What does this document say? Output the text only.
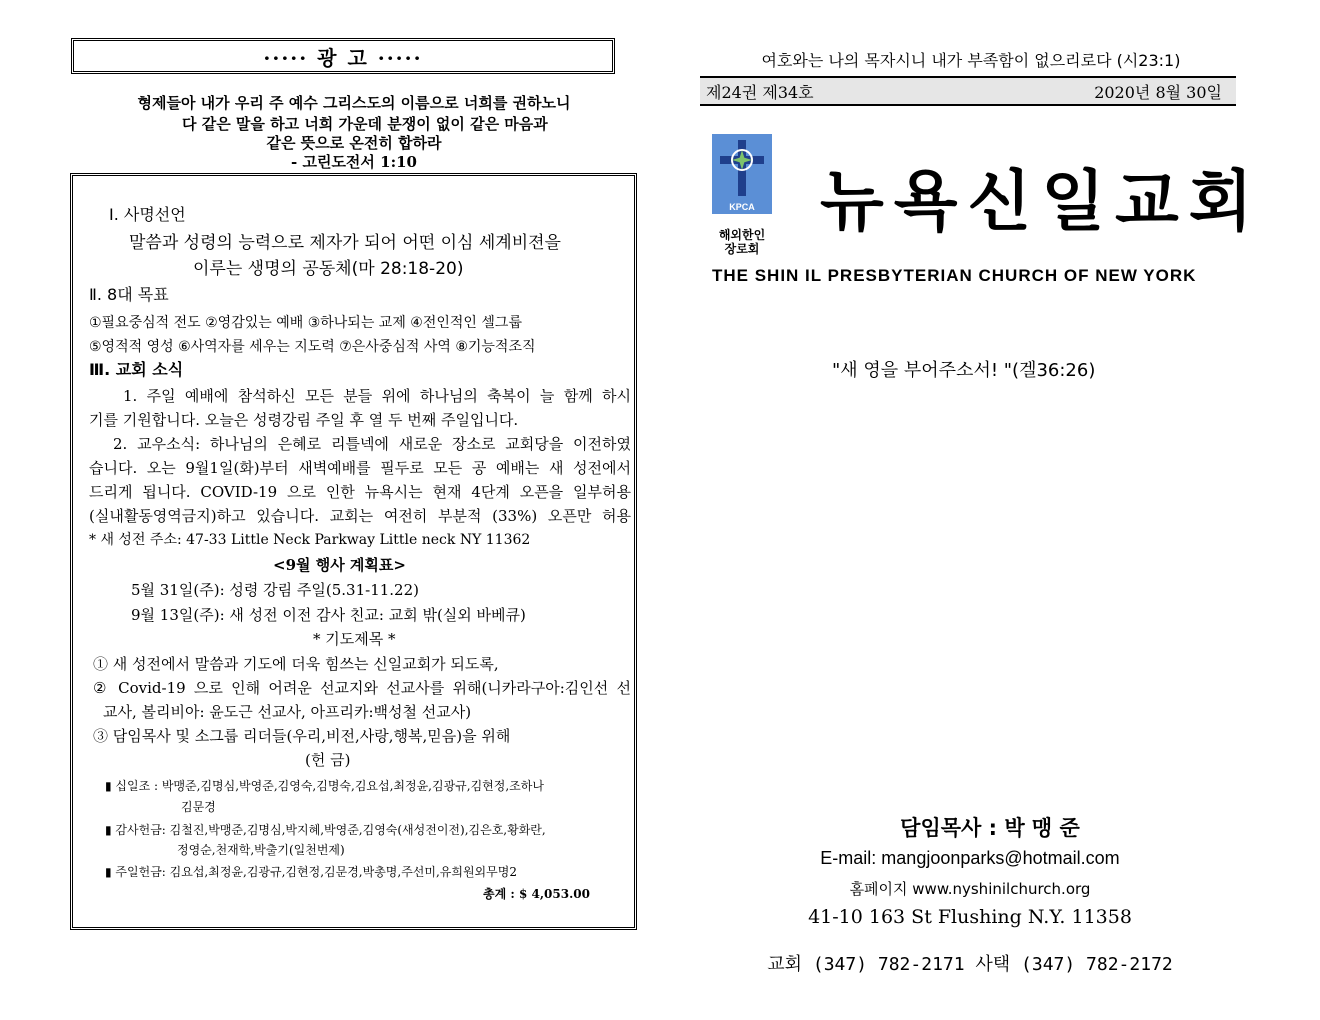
····· 광 고 ·····
형제들아 내가 우리 주 예수 그리스도의 이름으로 너희를 권하노니
다 같은 말을 하고 너희 가운데 분쟁이 없이 같은 마음과
같은 뜻으로 온전히 합하라
- 고린도전서 1:10
Ⅰ. 사명선언
말씀과 성령의 능력으로 제자가 되어 어떤 이심 세계비젼을
이루는 생명의 공동체(마 28:18-20)
Ⅱ. 8대 목표
①필요중심적 전도 ②영감있는 예배 ③하나되는 교제 ④전인적인 셀그룹
⑤영적적 영성 ⑥사역자를 세우는 지도력 ⑦은사중심적 사역 ⑧기능적조직
Ⅲ. 교회 소식
1. 주일 예배에 참석하신 모든 분들 위에 하나님의 축복이 늘 함께 하시
기를 기원합니다. 오늘은 성령강림 주일 후 열 두 번째 주일입니다.
2. 교우소식: 하나님의 은혜로 리틀넥에 새로운 장소로 교회당을 이전하였
습니다. 오는 9월1일(화)부터 새벽예배를 필두로 모든 공 예배는 새 성전에서
드리게 됩니다. COVID-19 으로 인한 뉴욕시는 현재 4단계 오픈을 일부허용
(실내활동영역금지)하고 있습니다. 교회는 여전히 부분적 (33%) 오픈만 허용
* 새 성전 주소: 47-33 Little Neck Parkway Little neck NY 11362
<9월 행사 계획표>
5월 31일(주): 성령 강림 주일(5.31-11.22)
9월 13일(주): 새 성전 이전 감사 친교: 교회 밖(실외 바베큐)
* 기도제목 *
① 새 성전에서 말씀과 기도에 더욱 힘쓰는 신일교회가 되도록,
② Covid-19 으로 인해 어려운 선교지와 선교사를 위해(니카라구아:김인선 선
교사, 볼리비아: 윤도근 선교사, 아프리카:백성철 선교사)
③ 담임목사 및 소그룹 리더들(우리,비전,사랑,행복,믿음)을 위해
(헌 금)
▮ 십일조 : 박맹준,김명심,박영준,김영숙,김명숙,김요섭,최정윤,김광규,김현정,조하나
김문경
▮ 감사헌금: 김철진,박맹준,김명심,박지혜,박영준,김영숙(새성전이전),김은호,황화란,
정영순,천재학,박출기(일천번제)
▮ 주일헌금: 김요섭,최정윤,김광규,김현정,김문경,박총명,주선미,유희원외무명2
총계 : $ 4,053.00
여호와는 나의 목자시니 내가 부족함이 없으리로다 (시23:1)
제24권 제34호	2020년 8월 30일
KPCA
해외한인
장로회
뉴욕신일교회
THE SHIN IL PRESBYTERIAN CHURCH OF NEW YORK
"새 영을 부어주소서! "(겔36:26)
담임목사 : 박 맹 준
E-mail: mangjoonparks@hotmail.com
홈페이지 www.nyshinilchurch.org
41-10 163 St Flushing N.Y. 11358
교회 (347) 782-2171 사택 (347) 782-2172
